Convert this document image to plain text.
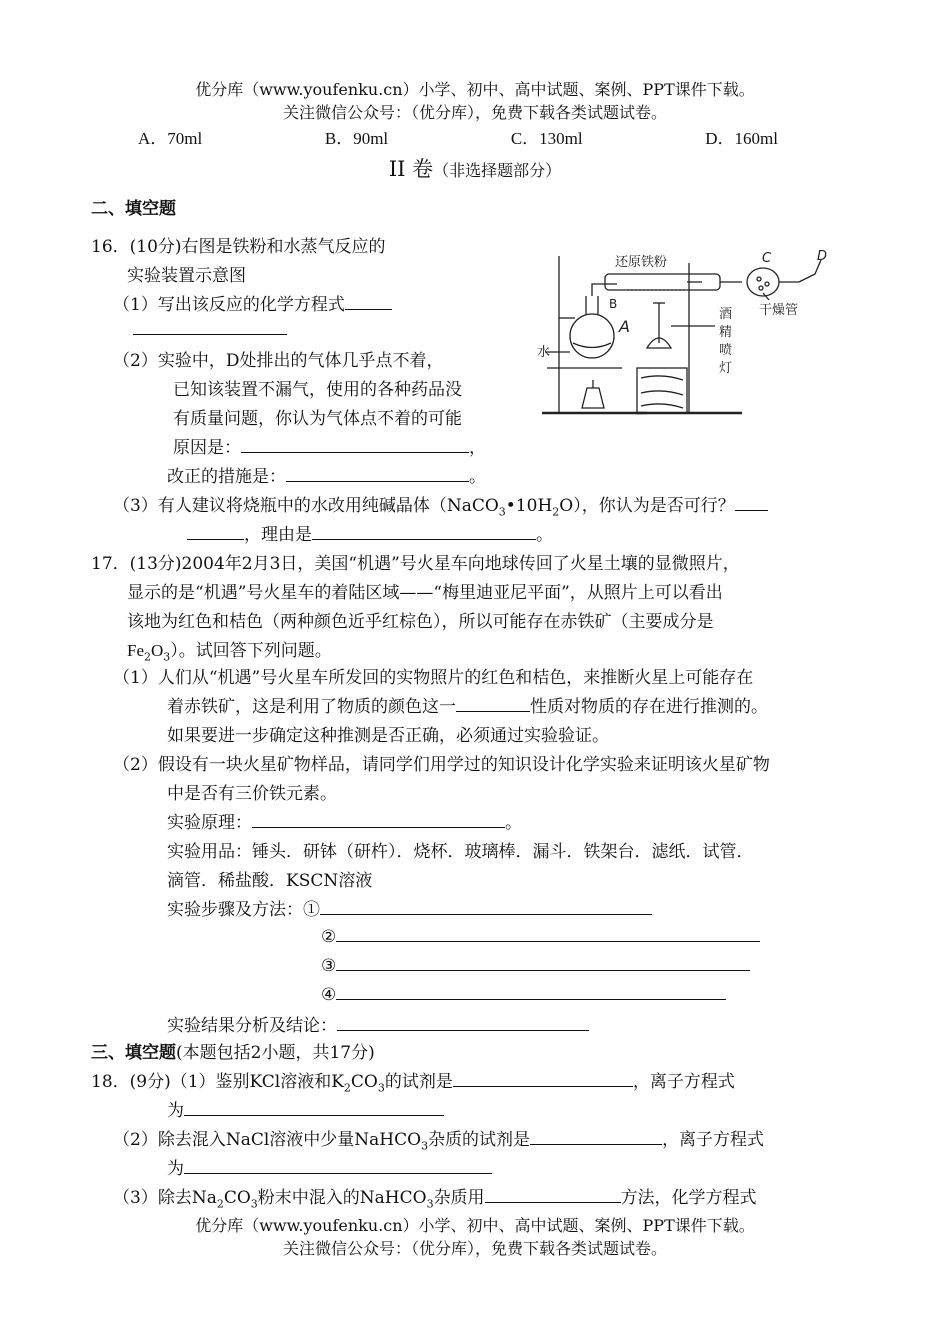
优分库（www.youfenku.cn）小学、初中、高中试题、案例、PPT课件下载。
关注微信公众号：（优分库），免费下载各类试题试卷。
A．70ml	B．90ml	C．130ml	D．160ml
II 卷（非选择题部分）
二、填空题
16．(10分)右图是铁粉和水蒸气反应的
实验装置示意图
（1）写出该反应的化学方程式
（2）实验中，D处排出的气体几乎点不着，
已知该装置不漏气，使用的各种药品没
有质量问题，你认为气体点不着的可能
原因是：	，
改正的措施是：	。
（3）有人建议将烧瓶中的水改用纯碱晶体$(NaCO_3•10H_2O)$，你认为是否可行？
，理由是	。
还原铁粉
B
A
C	D
水
酒
精
喷
灯
干燥管
17．(13分)2004年2月3日，美国“机遇”号火星车向地球传回了火星土壤的显微照片，
显示的是“机遇”号火星车的着陆区域——“梅里迪亚尼平面”，从照片上可以看出
该地为红色和桔色（两种颜色近乎红棕色），所以可能存在赤铁矿（主要成分是
$Fe_2O_3$）。试回答下列问题。
（1）人们从“机遇”号火星车所发回的实物照片的红色和桔色，来推断火星上可能存在
着赤铁矿，这是利用了物质的颜色这一	性质对物质的存在进行推测的。
如果要进一步确定这种推测是否正确，必须通过实验验证。
（2）假设有一块火星矿物样品，请同学们用学过的知识设计化学实验来证明该火星矿物
中是否有三价铁元素。
实验原理：	。
实验用品：锤头．研钵（研杵）．烧杯．玻璃棒．漏斗．铁架台．滤纸．试管．
滴管．稀盐酸．KSCN溶液
实验步骤及方法：①
②
③
④
实验结果分析及结论：
三、填空题(本题包括2小题，共17分)
18．(9分)（1）鉴别KCl溶液和$K_2CO_3$的试剂是	，离子方程式
为
（2）除去混入NaCl溶液中少量NaHCO$_3$杂质的试剂是	，离子方程式
为
（3）除去$Na_2CO_3$粉末中混入的NaHCO$_3$杂质用	方法，化学方程式
优分库（www.youfenku.cn）小学、初中、高中试题、案例、PPT课件下载。
关注微信公众号：（优分库），免费下载各类试题试卷。
